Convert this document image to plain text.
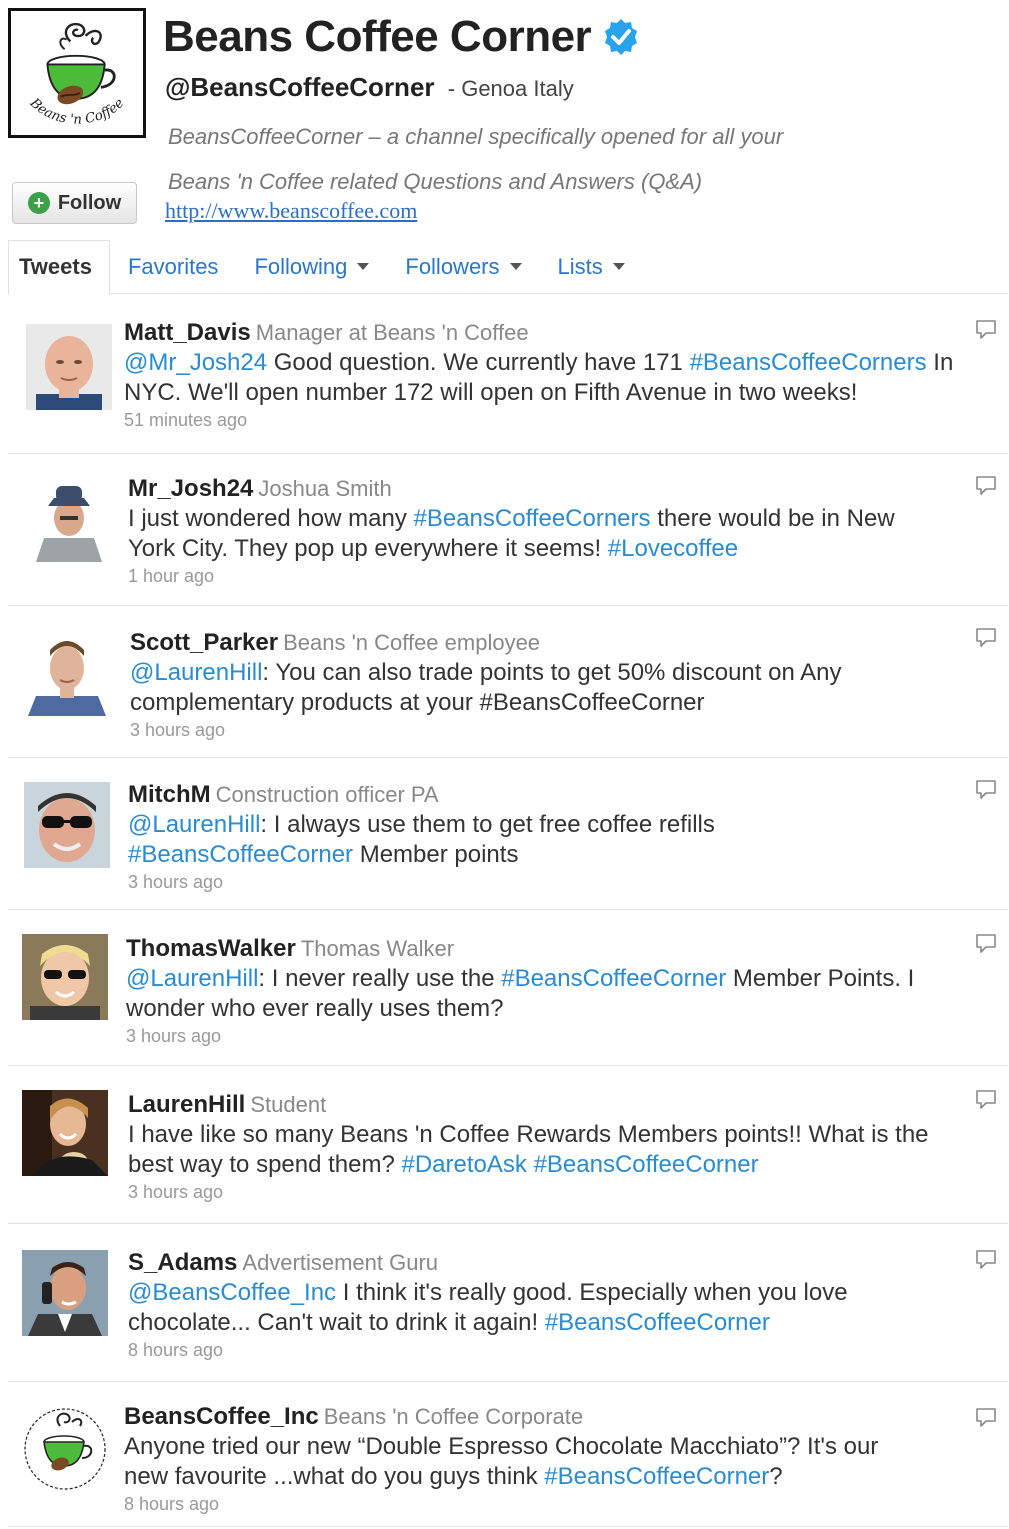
Beans 'n Coffee
Beans Coffee Corner
@BeansCoffeeCorner - Genoa Italy
BeansCoffeeCorner – a channel specifically opened for all your
Beans 'n Coffee related Questions and Answers (Q&A)
http://www.beanscoffee.com
+ Follow
Tweets Favorites Following	Followers	Lists
Matt_Davis Manager at Beans 'n Coffee
@Mr_Josh24 Good question. We currently have 171 #BeansCoffeeCorners In NYC. We'll open number 172 will open on Fifth Avenue in two weeks!
51 minutes ago
Mr_Josh24 Joshua Smith
I just wondered how many #BeansCoffeeCorners there would be in New York City. They pop up everywhere it seems! #Lovecoffee
1 hour ago
Scott_Parker Beans 'n Coffee employee
@LaurenHill: You can also trade points to get 50% discount on Any complementary products at your #BeansCoffeeCorner
3 hours ago
MitchM Construction officer PA
@LaurenHill: I always use them to get free coffee refills #BeansCoffeeCorner Member points
3 hours ago
ThomasWalker Thomas Walker
@LaurenHill: I never really use the #BeansCoffeeCorner Member Points. I wonder who ever really uses them?
3 hours ago
LaurenHill Student
I have like so many Beans 'n Coffee Rewards Members points!! What is the best way to spend them? #DaretoAsk #BeansCoffeeCorner
3 hours ago
S_Adams Advertisement Guru
@BeansCoffee_Inc I think it's really good. Especially when you love chocolate... Can't wait to drink it again! #BeansCoffeeCorner
8 hours ago
BeansCoffee_Inc Beans 'n Coffee Corporate
Anyone tried our new “Double Espresso Chocolate Macchiato”? It's our new favourite ...what do you guys think #BeansCoffeeCorner?
8 hours ago
